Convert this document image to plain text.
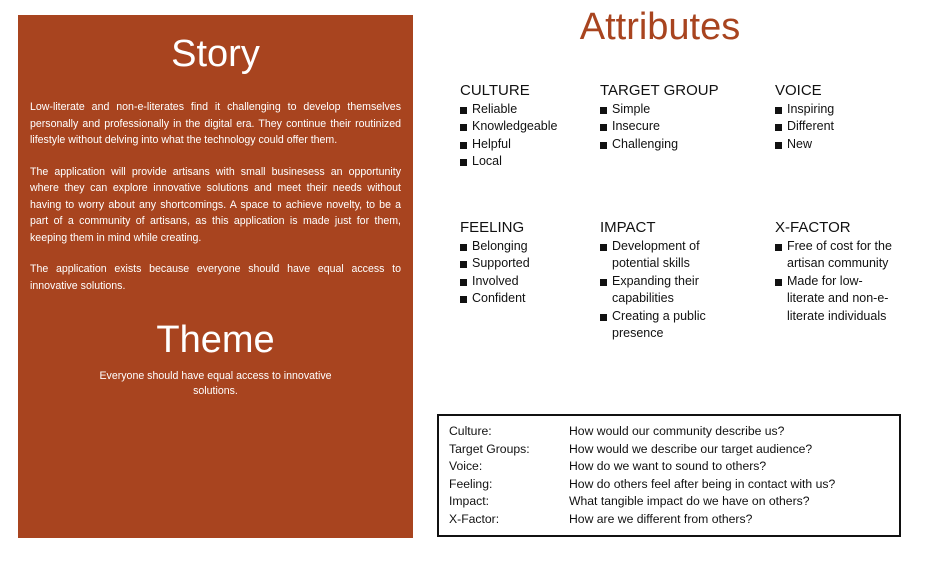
Story

Low-literate and non-e-literates find it challenging to develop themselves personally and professionally in the digital era. They continue their routinized lifestyle without delving into what the technology could offer them.

The application will provide artisans with small businesess an opportunity where they can explore innovative solutions and meet their needs without having to worry about any shortcomings. A space to achieve novelty, to be a part of a community of artisans, as this application is made just for them, keeping them in mind while creating.

The application exists because everyone should have equal access to innovative solutions.

Theme
Everyone should have equal access to innovative solutions.
Attributes
CULTURE
Reliable
Knowledgeable
Helpful
Local
TARGET GROUP
Simple
Insecure
Challenging
VOICE
Inspiring
Different
New
FEELING
Belonging
Supported
Involved
Confident
IMPACT
Development of potential skills
Expanding their capabilities
Creating a public presence
X-FACTOR
Free of cost for the artisan community
Made for low-literate and non-e-literate individuals
Culture:	How would our community describe us?
Target Groups:	How would we describe our target audience?
Voice:	How do we want to sound to others?
Feeling:	How do others feel after being in contact with us?
Impact:	What tangible impact do we have on others?
X-Factor:	How are we different from others?
